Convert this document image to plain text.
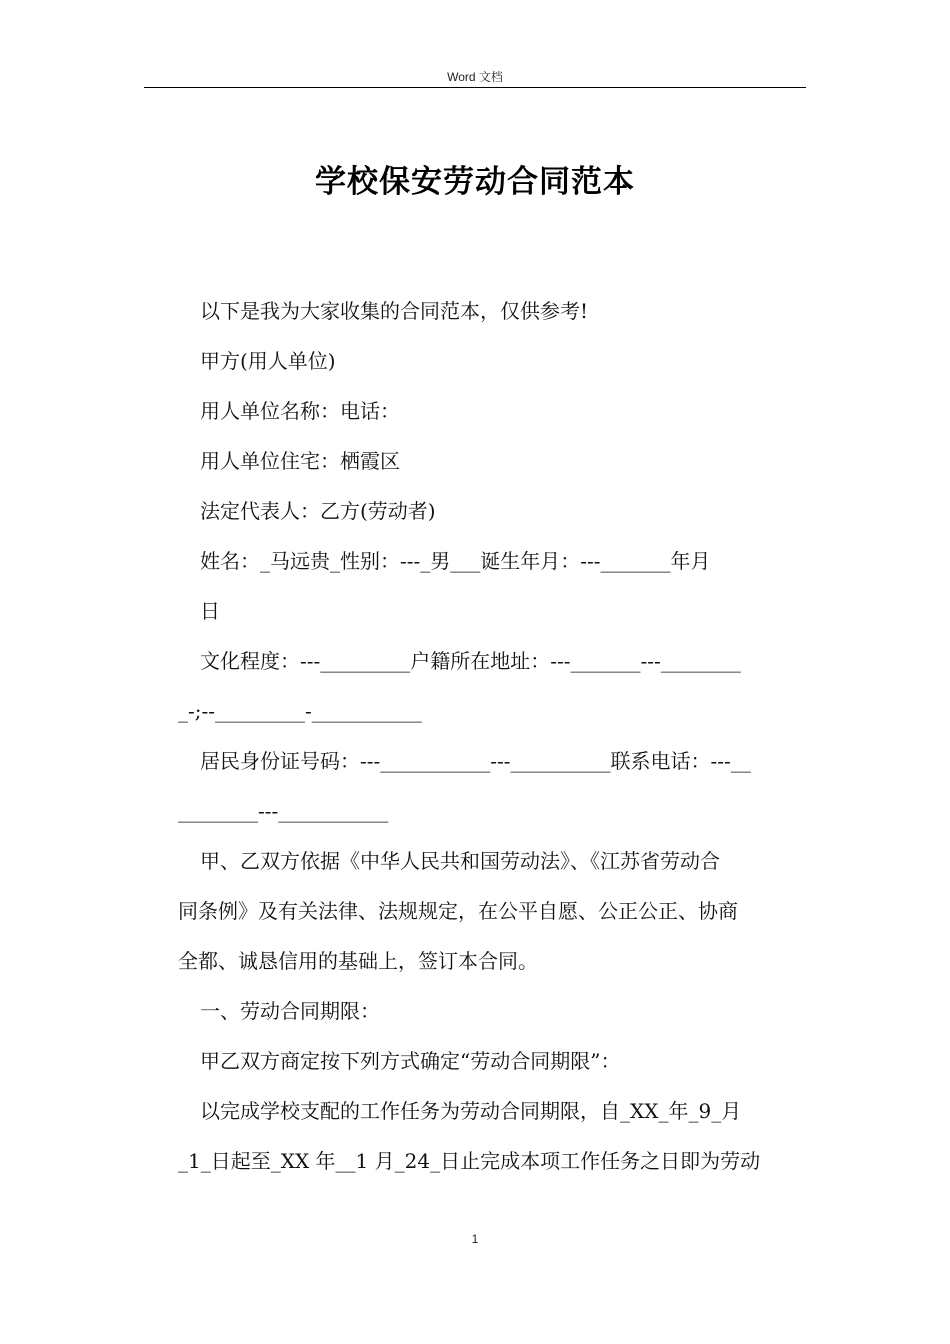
Word 文档
学校保安劳动合同范本

以下是我为大家收集的合同范本，仅供参考!

甲方(用人单位)

用人单位名称：电话：

用人单位住宅：栖霞区

法定代表人：乙方(劳动者)

姓名：_马远贵_性别：---_男___诞生年月：---_______年月

日

文化程度：---_________户籍所在地址：---_______---________

_-;--_________-___________

居民身份证号码：---___________---__________联系电话：---__

________---___________

甲、乙双方依据《中华人民共和国劳动法》、《江苏省劳动合

同条例》及有关法律、法规规定，在公平自愿、公正公正、协商

全都、诚恳信用的基础上，签订本合同。

一、劳动合同期限：

甲乙双方商定按下列方式确定“劳动合同期限”：

以完成学校支配的工作任务为劳动合同期限，自_XX_年_9_月

_1_日起至_XX 年__1 月_24_日止完成本项工作任务之日即为劳动

1
